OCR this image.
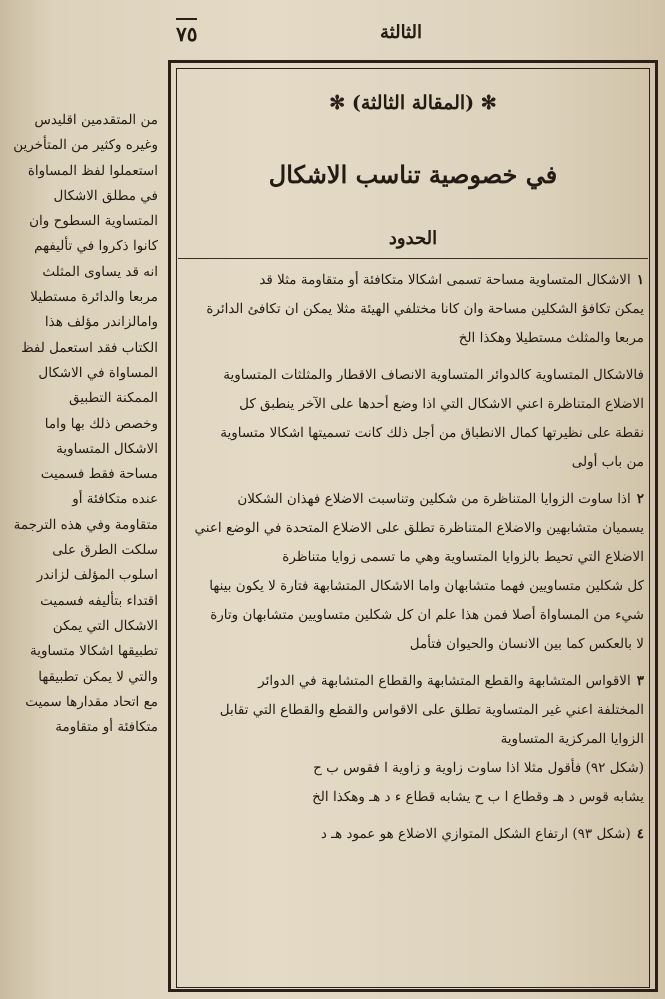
٧٥	الثالثة
من المتقدمين اقليدس
وغيره وكثير من المتأخرين
استعملوا لفظ المساواة
في مطلق الاشكال
المتساوية السطوح وان
كانوا ذكروا في تأليفهم
انه قد يساوى المثلث
مربعا والدائرة مستطيلا
وامالزاندر مؤلف هذا
الكتاب فقد استعمل لفظ
المساواة في الاشكال
الممكنة التطبيق
وخصص ذلك بها واما
الاشكال المتساوية
مساحة فقط فسميت
عنده متكافئة أو
متقاومة وفي هذه الترجمة
سلكت الطرق على
اسلوب المؤلف لزاندر
اقتداء بتأليفه فسميت
الاشكال التي يمكن
تطبيقها اشكالا متساوية
والتي لا يمكن تطبيقها
مع اتحاد مقدارها سميت
متكافئة أو متقاومة
✻ (المقالة الثالثة) ✻
في خصوصية تناسب الاشكال
الحدود
١الاشكال المتساوية مساحة تسمى اشكالا متكافئة أو متقاومة مثلا قد
يمكن تكافؤ الشكلين مساحة وان كانا مختلفي الهيئة مثلا يمكن ان تكافئ الدائرة
مربعا والمثلث مستطيلا وهكذا الخ
فالاشكال المتساوية كالدوائر المتساوية الانصاف الاقطار والمثلثات المتساوية
الاضلاع المتناظرة اعني الاشكال التي اذا وضع أحدها على الآخر ينطبق كل
نقطة على نظيرتها كمال الانطباق من أجل ذلك كانت تسميتها اشكالا متساوية
من باب أولى
٢اذا ساوت الزوايا المتناظرة من شكلين وتناسبت الاضلاع فهذان الشكلان
يسميان متشابهين والاضلاع المتناظرة تطلق على الاضلاع المتحدة في الوضع اعني
الاضلاع التي تحيط بالزوايا المتساوية وهي ما تسمى زوايا متناظرة
كل شكلين متساويين فهما متشابهان واما الاشكال المتشابهة فتارة لا يكون بينها
شيء من المساواة أصلا فمن هذا علم ان كل شكلين متساويين متشابهان وتارة
لا بالعكس كما بين الانسان والحيوان فتأمل
٣الاقواس المتشابهة والقطع المتشابهة والقطاع المتشابهة في الدوائر
المختلفة اعني غير المتساوية تطلق على الاقواس والقطع والقطاع التي تقابل
الزوايا المركزية المتساوية
(شكل ٩٢) فأقول مثلا اذا ساوت زاوية و زاوية ا فقوس ب ح
يشابه قوس د هـ وقطاع ا ب ح يشابه قطاع ء د هـ وهكذا الخ
٤(شكل ٩٣) ارتفاع الشكل المتوازي الاضلاع هو عمود هـ د
